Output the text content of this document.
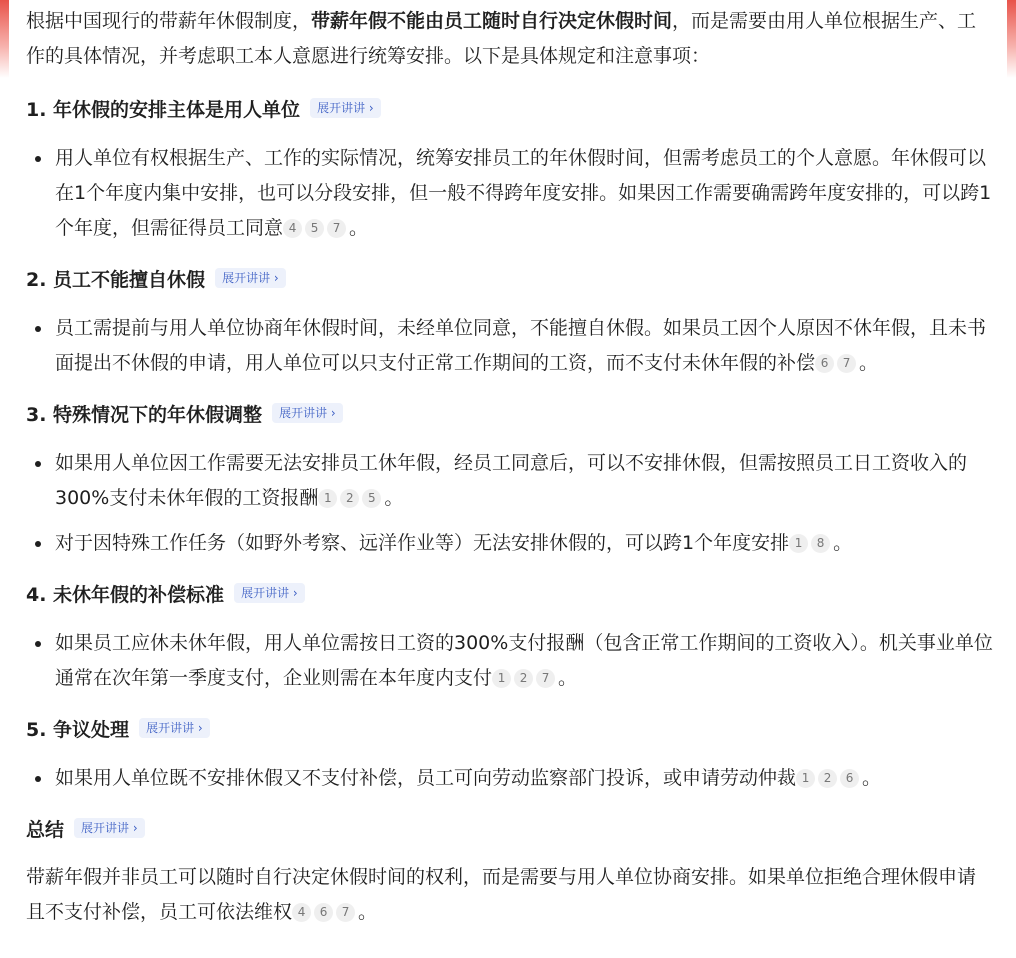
根据中国现行的带薪年休假制度，带薪年假不能由员工随时自行决定休假时间，而是需要由用人单位根据生产、工作的具体情况，并考虑职工本人意愿进行统筹安排。以下是具体规定和注意事项：

1. 年休假的安排主体是用人单位	展开讲讲 ›
用人单位有权根据生产、工作的实际情况，统筹安排员工的年休假时间，但需考虑员工的个人意愿。年休假可以在1个年度内集中安排，也可以分段安排，但一般不得跨年度安排。如果因工作需要确需跨年度安排的，可以跨1个年度，但需征得员工同意 4 5 7 。
2. 员工不能擅自休假	展开讲讲 ›
员工需提前与用人单位协商年休假时间，未经单位同意，不能擅自休假。如果员工因个人原因不休年假，且未书面提出不休假的申请，用人单位可以只支付正常工作期间的工资，而不支付未休年假的补偿 6 7 。
3. 特殊情况下的年休假调整	展开讲讲 ›
如果用人单位因工作需要无法安排员工休年假，经员工同意后，可以不安排休假，但需按照员工日工资收入的300%支付未休年假的工资报酬 1 2 5 。
对于因特殊工作任务（如野外考察、远洋作业等）无法安排休假的，可以跨1个年度安排 1 8 。
4. 未休年假的补偿标准	展开讲讲 ›
如果员工应休未休年假，用人单位需按日工资的300%支付报酬（包含正常工作期间的工资收入）。机关事业单位通常在次年第一季度支付，企业则需在本年度内支付 1 2 7 。
5. 争议处理	展开讲讲 ›
如果用人单位既不安排休假又不支付补偿，员工可向劳动监察部门投诉，或申请劳动仲裁 1 2 6 。
总结	展开讲讲 ›

带薪年假并非员工可以随时自行决定休假时间的权利，而是需要与用人单位协商安排。如果单位拒绝合理休假申请且不支付补偿，员工可依法维权 4 6 7 。
